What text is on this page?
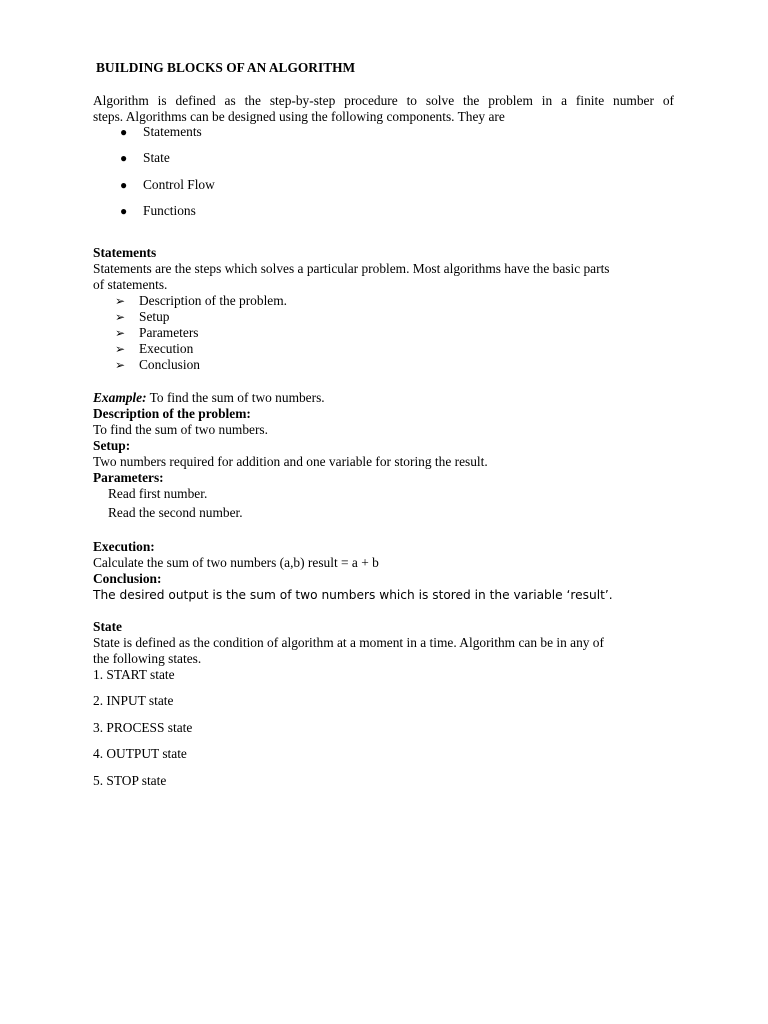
BUILDING BLOCKS OF AN ALGORITHM
Algorithm is defined as the step-by-step procedure to solve the problem in a finite number of
steps. Algorithms can be designed using the following components. They are
● Statements
● State
● Control Flow
● Functions
Statements
Statements are the steps which solves a particular problem. Most algorithms have the basic parts
of statements.
➢ Description of the problem.
➢ Setup
➢ Parameters
➢ Execution
➢ Conclusion
Example: To find the sum of two numbers.
Description of the problem:
To find the sum of two numbers.
Setup:
Two numbers required for addition and one variable for storing the result.
Parameters:
Read first number.
Read the second number.
Execution:
Calculate the sum of two numbers (a,b) result = a + b
Conclusion:
The desired output is the sum of two numbers which is stored in the variable ‘result’.
State
State is defined as the condition of algorithm at a moment in a time. Algorithm can be in any of
the following states.
1. START state
2. INPUT state
3. PROCESS state
4. OUTPUT state
5. STOP state
